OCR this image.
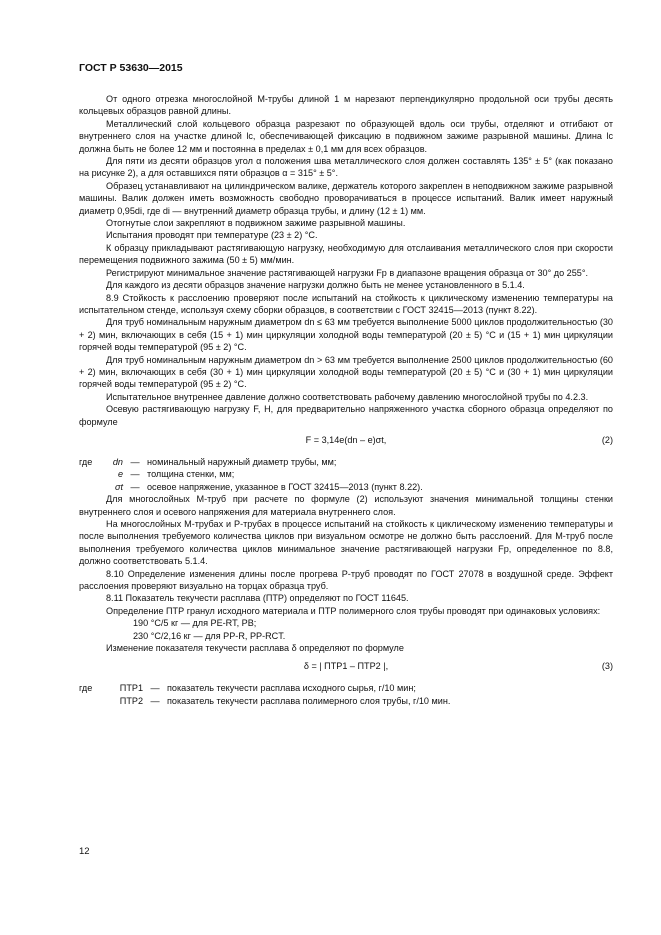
ГОСТ Р 53630—2015

От одного отрезка многослойной М-трубы длиной 1 м нарезают перпендикулярно продольной оси трубы десять кольцевых образцов равной длины.

Металлический слой кольцевого образца разрезают по образующей вдоль оси трубы, отделяют и отгибают от внутреннего слоя на участке длиной lc, обеспечивающей фиксацию в подвижном зажиме разрывной машины. Длина lc должна быть не более 12 мм и постоянна в пределах ± 0,1 мм для всех образцов.

Для пяти из десяти образцов угол α положения шва металлического слоя должен составлять 135° ± 5° (как показано на рисунке 2), а для оставшихся пяти образцов α = 315° ± 5°.

Образец устанавливают на цилиндрическом валике, держатель которого закреплен в неподвижном зажиме разрывной машины. Валик должен иметь возможность свободно проворачиваться в процессе испытаний. Валик имеет наружный диаметр 0,95di, где di — внутренний диаметр образца трубы, и длину (12 ± 1) мм.

Отогнутые слои закрепляют в подвижном зажиме разрывной машины.

Испытания проводят при температуре (23 ± 2) °С.

К образцу прикладывают растягивающую нагрузку, необходимую для отслаивания металлического слоя при скорости перемещения подвижного зажима (50 ± 5) мм/мин.

Регистрируют минимальное значение растягивающей нагрузки Fp в диапазоне вращения образца от 30° до 255°.

Для каждого из десяти образцов значение нагрузки должно быть не менее установленного в 5.1.4.

8.9 Стойкость к расслоению проверяют после испытаний на стойкость к циклическому изменению температуры на испытательном стенде, используя схему сборки образцов, в соответствии с ГОСТ 32415—2013 (пункт 8.22).

Для труб номинальным наружным диаметром dn ≤ 63 мм требуется выполнение 5000 циклов продолжительностью (30 + 2) мин, включающих в себя (15 + 1) мин циркуляции холодной воды температурой (20 ± 5) °С и (15 + 1) мин циркуляции горячей воды температурой (95 ± 2) °С.

Для труб номинальным наружным диаметром dn > 63 мм требуется выполнение 2500 циклов продолжительностью (60 + 2) мин, включающих в себя (30 + 1) мин циркуляции холодной воды температурой (20 ± 5) °С и (30 + 1) мин циркуляции горячей воды температурой (95 ± 2) °С.

Испытательное внутреннее давление должно соответствовать рабочему давлению многослойной трубы по 4.2.3.

Осевую растягивающую нагрузку F, Н, для предварительно напряженного участка сборного образца определяют по формуле

F = 3,14e(dn – e)σt,	(2)
где	dn — номинальный наружный диаметр трубы, мм;
e — толщина стенки, мм;
σt — осевое напряжение, указанное в ГОСТ 32415—2013 (пункт 8.22).

Для многослойных М-труб при расчете по формуле (2) используют значения минимальной толщины стенки внутреннего слоя и осевого напряжения для материала внутреннего слоя.

На многослойных М-трубах и Р-трубах в процессе испытаний на стойкость к циклическому изменению температуры и после выполнения требуемого количества циклов при визуальном осмотре не должно быть расслоений. Для М-труб после выполнения требуемого количества циклов минимальное значение растягивающей нагрузки Fp, определенное по 8.8, должно соответствовать 5.1.4.

8.10 Определение изменения длины после прогрева Р-труб проводят по ГОСТ 27078 в воздушной среде. Эффект расслоения проверяют визуально на торцах образца труб.

8.11 Показатель текучести расплава (ПТР) определяют по ГОСТ 11645.

Определение ПТР гранул исходного материала и ПТР полимерного слоя трубы проводят при одинаковых условиях:

190 °С/5 кг — для PE-RT, PB;

230 °С/2,16 кг — для PP-R, PP-RCT.

Изменение показателя текучести расплава δ определяют по формуле

δ = | ПТР1 – ПТР2 |,	(3)
где	ПТР1 — показатель текучести расплава исходного сырья, г/10 мин;
ПТР2 — показатель текучести расплава полимерного слоя трубы, г/10 мин.
12
